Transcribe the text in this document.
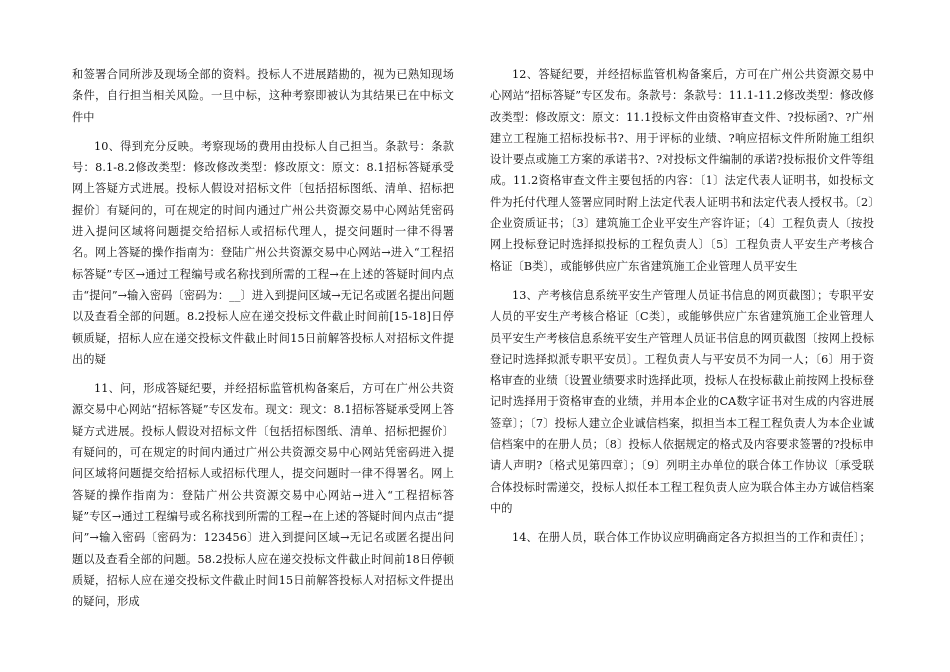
和签署合同所涉及现场全部的资料。投标人不进展踏勘的，视为已熟知现场条件，自行担当相关风险。一旦中标，这种考察即被认为其结果已在中标文件中

10、得到充分反映。考察现场的费用由投标人自己担当。条款号：条款号：8.1-8.2修改类型：修改修改类型：修改原文：原文：8.1招标答疑承受网上答疑方式进展。投标人假设对招标文件〔包括招标图纸、清单、招标把握价〕有疑问的，可在规定的时间内通过广州公共资源交易中心网站凭密码进入提问区域将问题提交给招标人或招标代理人，提交问题时一律不得署名。网上答疑的操作指南为：登陆广州公共资源交易中心网站→进入“工程招标答疑”专区→通过工程编号或名称找到所需的工程→在上述的答疑时间内点击“提问”→输入密码〔密码为：__〕进入到提问区域→无记名或匿名提出问题以及查看全部的问题。8.2投标人应在递交投标文件截止时间前[15-18]日停顿质疑，招标人应在递交投标文件截止时间15日前解答投标人对招标文件提出的疑

11、问，形成答疑纪要，并经招标监管机构备案后，方可在广州公共资源交易中心网站“招标答疑”专区发布。现文：现文：8.1招标答疑承受网上答疑方式进展。投标人假设对招标文件〔包括招标图纸、清单、招标把握价〕有疑问的，可在规定的时间内通过广州公共资源交易中心网站凭密码进入提问区域将问题提交给招标人或招标代理人，提交问题时一律不得署名。网上答疑的操作指南为：登陆广州公共资源交易中心网站→进入“工程招标答疑”专区→通过工程编号或名称找到所需的工程→在上述的答疑时间内点击“提问”→输入密码〔密码为：123456〕进入到提问区域→无记名或匿名提出问题以及查看全部的问题。58.2投标人应在递交投标文件截止时间前18日停顿质疑，招标人应在递交投标文件截止时间15日前解答投标人对招标文件提出的疑问，形成

12、答疑纪要，并经招标监管机构备案后，方可在广州公共资源交易中心网站“招标答疑”专区发布。条款号：条款号：11.1-11.2修改类型：修改修改类型：修改原文：原文：11.1投标文件由资格审查文件、?投标函?、?广州建立工程施工招标投标书?、用于评标的业绩、?响应招标文件所附施工组织设计要点或施工方案的承诺书?、?对投标文件编制的承诺?投标报价文件等组成。11.2资格审查文件主要包括的内容：〔1〕法定代表人证明书，如投标文件为托付代理人签署应同时附上法定代表人证明书和法定代表人授权书。〔2〕企业资质证书；〔3〕建筑施工企业平安生产容许证；〔4〕工程负责人〔按投网上投标登记时选择拟投标的工程负责人〕〔5〕工程负责人平安生产考核合格证〔B类〕，或能够供应广东省建筑施工企业管理人员平安生

13、产考核信息系统平安生产管理人员证书信息的网页截图〕；专职平安人员的平安生产考核合格证〔C类〕，或能够供应广东省建筑施工企业管理人员平安生产考核信息系统平安生产管理人员证书信息的网页截图〔按网上投标登记时选择拟派专职平安员〕。工程负责人与平安员不为同一人；〔6〕用于资格审查的业绩〔设置业绩要求时选择此项，投标人在投标截止前按网上投标登记时选择用于资格审查的业绩，并用本企业的CA数字证书对生成的内容进展签章〕；〔7〕投标人建立企业诚信档案，拟担当本工程工程负责人为本企业诚信档案中的在册人员；〔8〕投标人依据规定的格式及内容要求签署的?投标申请人声明?〔格式见第四章〕；〔9〕列明主办单位的联合体工作协议〔承受联合体投标时需递交，投标人拟任本工程工程负责人应为联合体主办方诚信档案中的

14、在册人员，联合体工作协议应明确商定各方拟担当的工作和责任〕；
